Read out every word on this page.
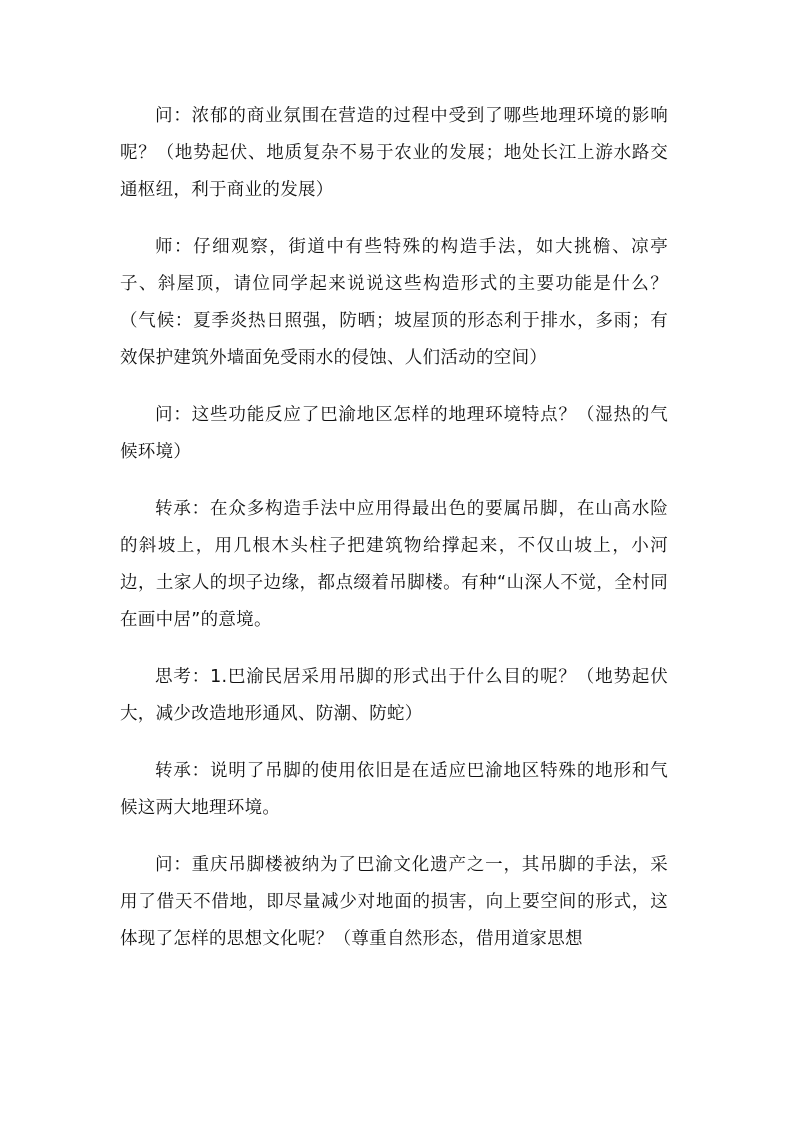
问：浓郁的商业氛围在营造的过程中受到了哪些地理环境的影响呢？（地势起伏、地质复杂不易于农业的发展；地处长江上游水路交通枢纽，利于商业的发展）

师：仔细观察，街道中有些特殊的构造手法，如大挑檐、凉亭子、斜屋顶，请位同学起来说说这些构造形式的主要功能是什么？（气候：夏季炎热日照强，防晒；坡屋顶的形态利于排水，多雨；有效保护建筑外墙面免受雨水的侵蚀、人们活动的空间）

问：这些功能反应了巴渝地区怎样的地理环境特点？（湿热的气候环境）

转承：在众多构造手法中应用得最出色的要属吊脚，在山高水险的斜坡上，用几根木头柱子把建筑物给撑起来，不仅山坡上，小河边，土家人的坝子边缘，都点缀着吊脚楼。有种“山深人不觉，全村同在画中居”的意境。

思考：1.巴渝民居采用吊脚的形式出于什么目的呢？（地势起伏大，减少改造地形通风、防潮、防蛇）

转承：说明了吊脚的使用依旧是在适应巴渝地区特殊的地形和气候这两大地理环境。

问：重庆吊脚楼被纳为了巴渝文化遗产之一，其吊脚的手法，采用了借天不借地，即尽量减少对地面的损害，向上要空间的形式，这体现了怎样的思想文化呢？（尊重自然形态，借用道家思想
